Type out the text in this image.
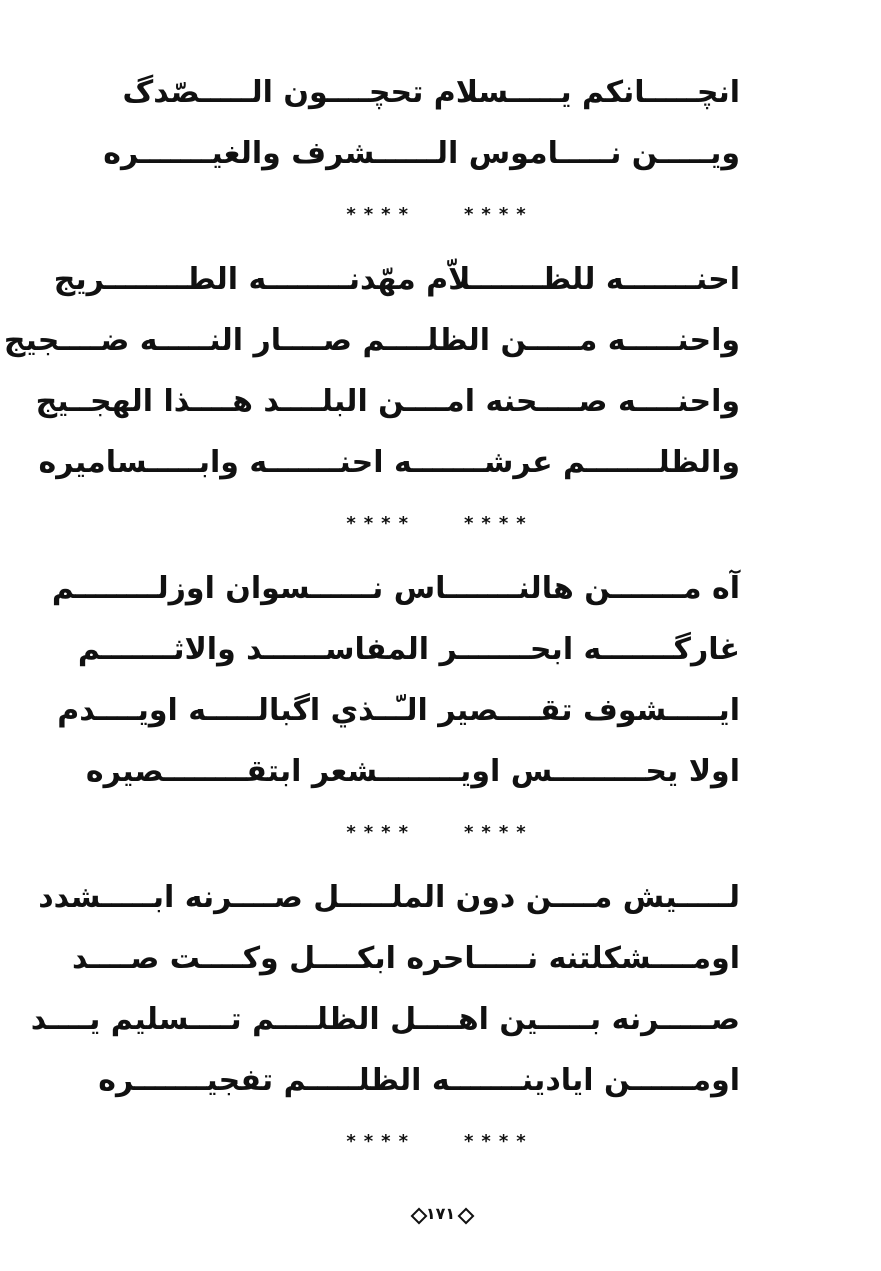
انچـــــانكم يـــــسلام تحچــــون الـــــصّدگ
ويـــــن نـــــاموس الــــــشرف والغيـــــــره
****	****
احنـــــــه للظـــــــلاّم مهّدنــــــــه الطــــــــريج
واحنـــــه مـــــن الظلــــم صــــار النـــــه ضــــجيج
واحنــــه صــــحنه امــــن البلــــد هــــذا الهجــيج
والظلـــــــم عرشـــــــه احنـــــــه وابـــــساميره
****	****
آه مـــــــن هالنـــــــاس نــــــسوان اوزلــــــــم
غارگـــــــه ابحـــــــر المفاســــــد والاثـــــــم
ايـــــشوف تقــــصير الـّــذي اگبالـــــه اويــــدم
اولا يحـــــــــس اويــــــــشعر ابتقــــــــصيره
****	****
لـــــيش مــــن دون الملـــــل صــــرنه ابـــــشدد
اومــــشكلتنه نـــــاحره ابكــــل وكــــت صــــد
صـــــرنه بـــــين اهــــل الظلــــم تــــسليم يــــد
اومــــــن ايادينـــــــه الظلـــــم تفجيـــــــره
****	****
١٧١
